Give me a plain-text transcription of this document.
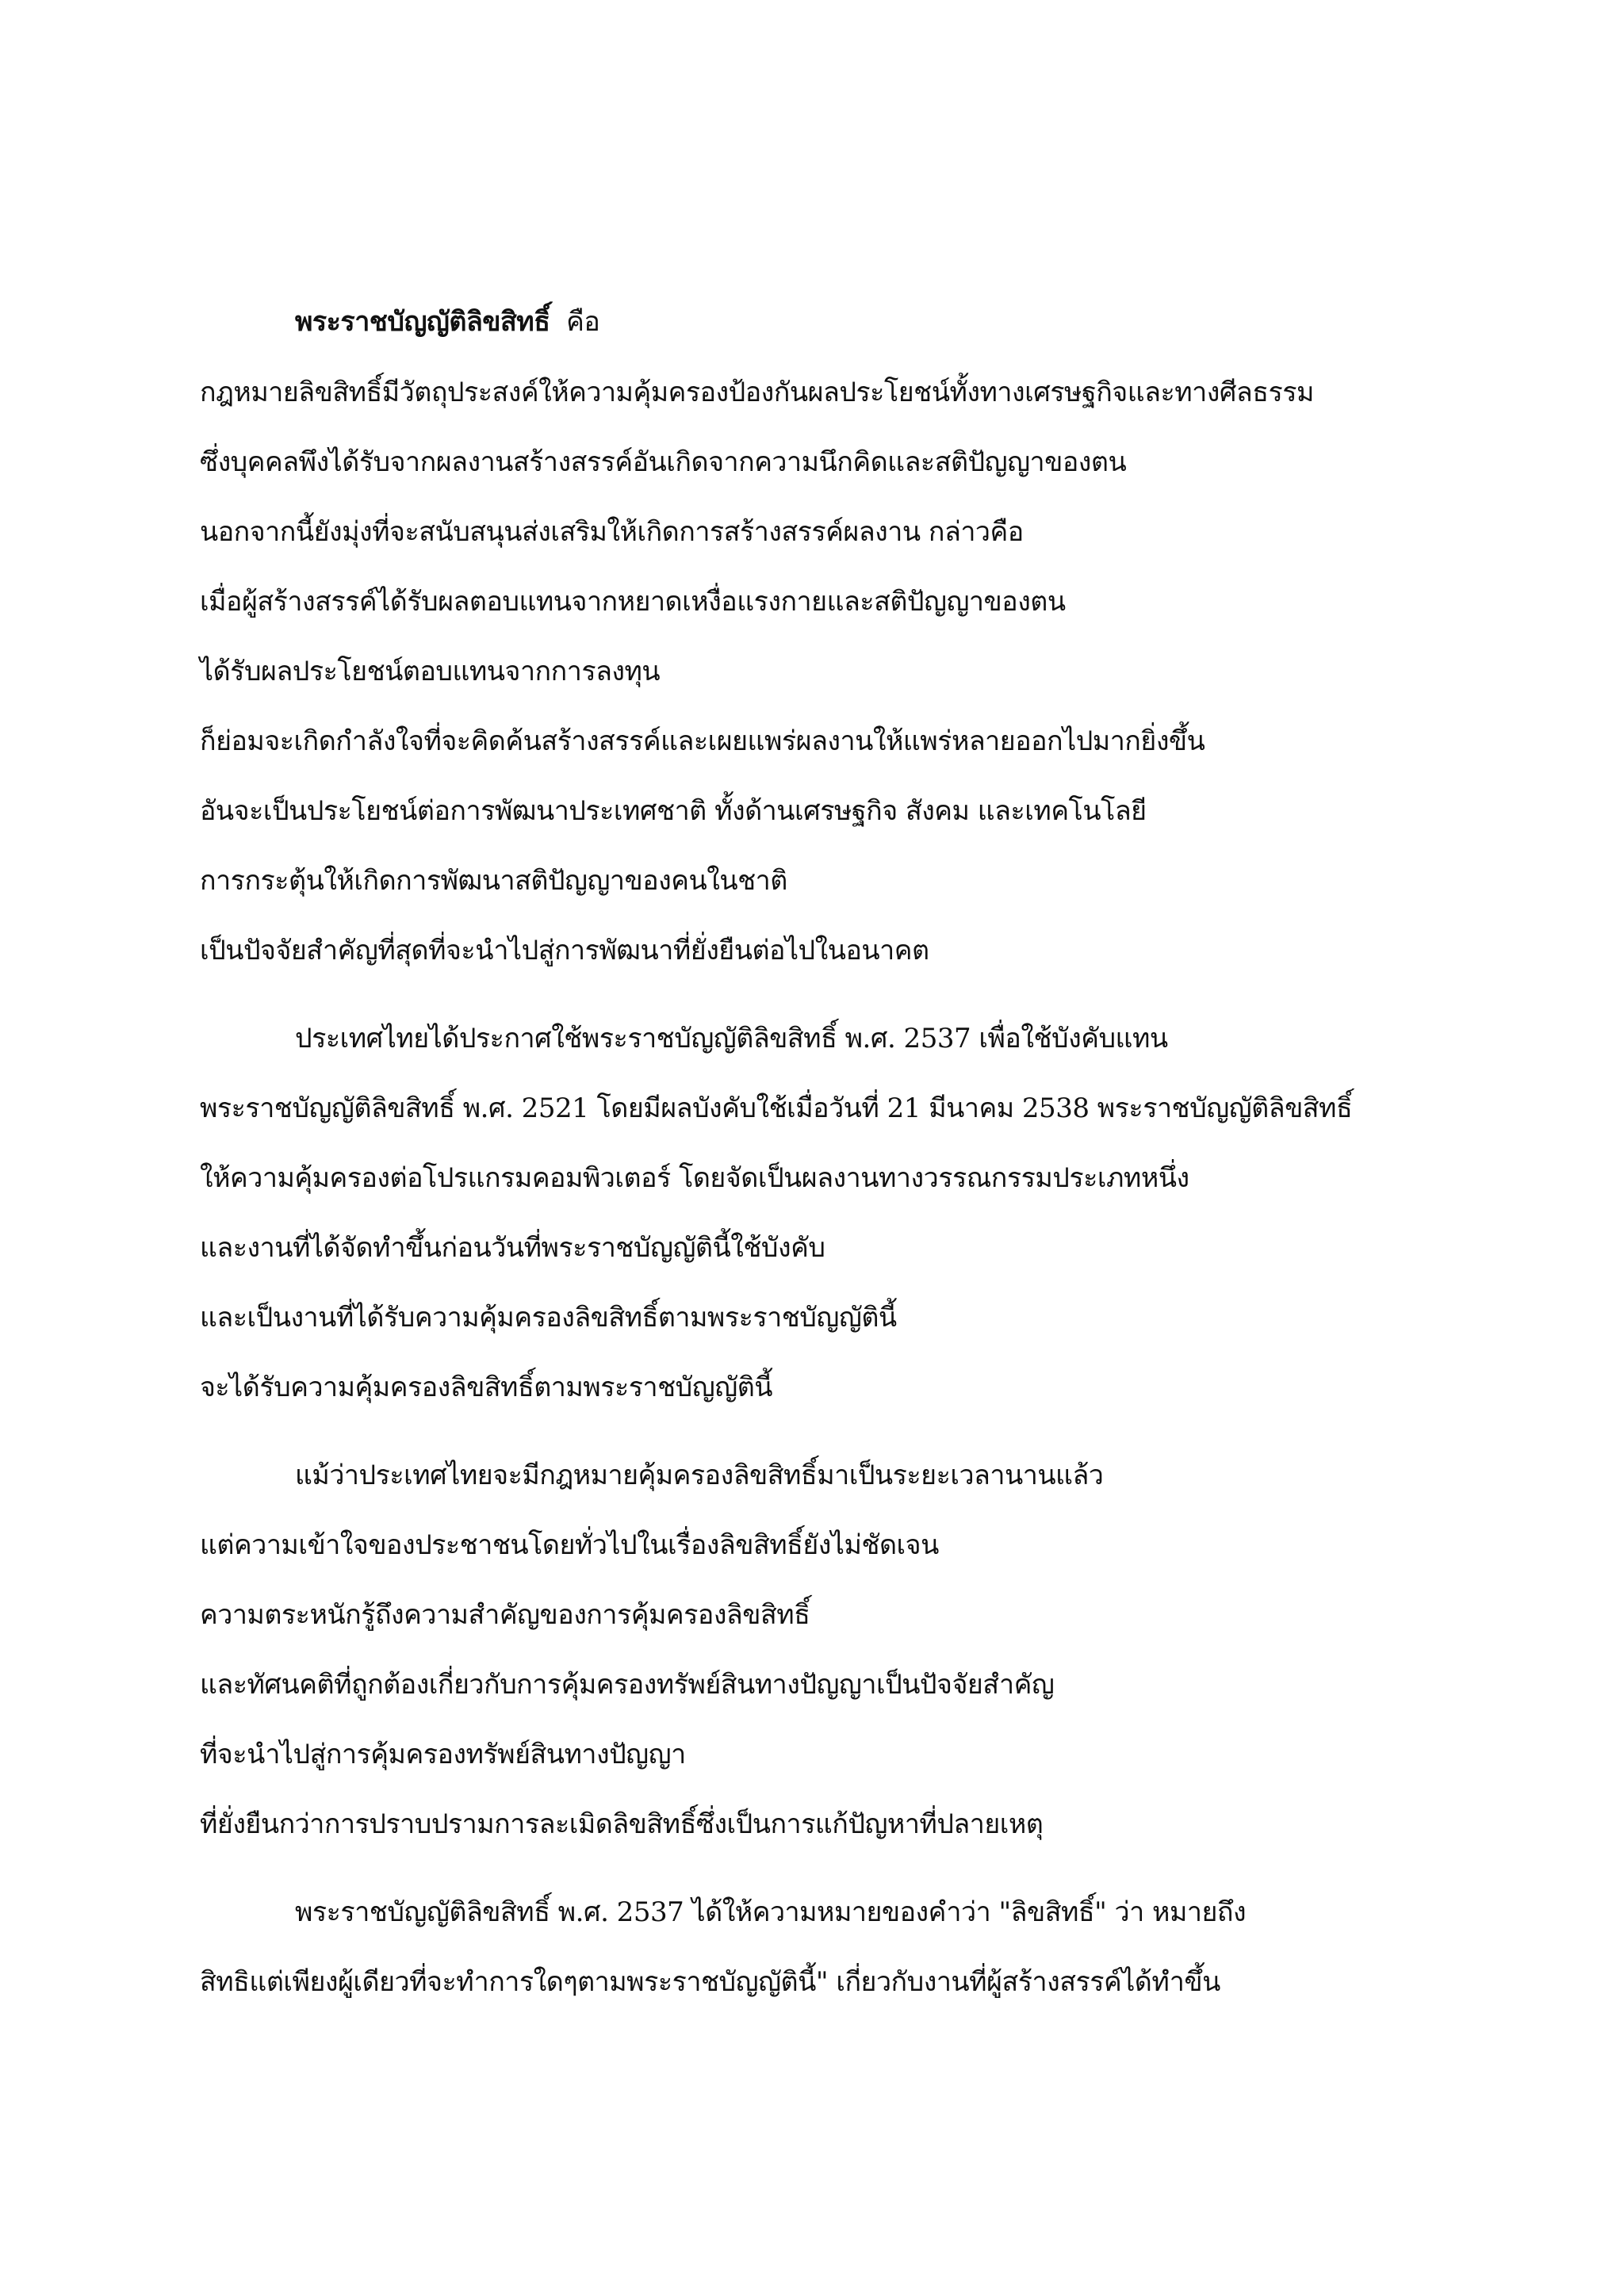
พระราชบัญญัติลิขสิทธิ์ คือ
กฎหมายลิขสิทธิ์มีวัตถุประสงค์ให้ความคุ้มครองป้องกันผลประโยชน์ทั้งทางเศรษฐกิจและทางศีลธรรม
ซึ่งบุคคลพึงได้รับจากผลงานสร้างสรรค์อันเกิดจากความนึกคิดและสติปัญญาของตน
นอกจากนี้ยังมุ่งที่จะสนับสนุนส่งเสริมให้เกิดการสร้างสรรค์ผลงาน กล่าวคือ
เมื่อผู้สร้างสรรค์ได้รับผลตอบแทนจากหยาดเหงื่อแรงกายและสติปัญญาของตน
ได้รับผลประโยชน์ตอบแทนจากการลงทุน
ก็ย่อมจะเกิดกำลังใจที่จะคิดค้นสร้างสรรค์และเผยแพร่ผลงานให้แพร่หลายออกไปมากยิ่งขึ้น
อันจะเป็นประโยชน์ต่อการพัฒนาประเทศชาติ ทั้งด้านเศรษฐกิจ สังคม และเทคโนโลยี
การกระตุ้นให้เกิดการพัฒนาสติปัญญาของคนในชาติ
เป็นปัจจัยสำคัญที่สุดที่จะนำไปสู่การพัฒนาที่ยั่งยืนต่อไปในอนาคต
ประเทศไทยได้ประกาศใช้พระราชบัญญัติลิขสิทธิ์ พ.ศ. 2537 เพื่อใช้บังคับแทน
พระราชบัญญัติลิขสิทธิ์ พ.ศ. 2521 โดยมีผลบังคับใช้เมื่อวันที่ 21 มีนาคม 2538 พระราชบัญญัติลิขสิทธิ์
ให้ความคุ้มครองต่อโปรแกรมคอมพิวเตอร์ โดยจัดเป็นผลงานทางวรรณกรรมประเภทหนึ่ง
และงานที่ได้จัดทำขึ้นก่อนวันที่พระราชบัญญัตินี้ใช้บังคับ
และเป็นงานที่ได้รับความคุ้มครองลิขสิทธิ์ตามพระราชบัญญัตินี้
จะได้รับความคุ้มครองลิขสิทธิ์ตามพระราชบัญญัตินี้
แม้ว่าประเทศไทยจะมีกฎหมายคุ้มครองลิขสิทธิ์มาเป็นระยะเวลานานแล้ว
แต่ความเข้าใจของประชาชนโดยทั่วไปในเรื่องลิขสิทธิ์ยังไม่ชัดเจน
ความตระหนักรู้ถึงความสำคัญของการคุ้มครองลิขสิทธิ์
และทัศนคติที่ถูกต้องเกี่ยวกับการคุ้มครองทรัพย์สินทางปัญญาเป็นปัจจัยสำคัญ
ที่จะนำไปสู่การคุ้มครองทรัพย์สินทางปัญญา
ที่ยั่งยืนกว่าการปราบปรามการละเมิดลิขสิทธิ์ซึ่งเป็นการแก้ปัญหาที่ปลายเหตุ
พระราชบัญญัติลิขสิทธิ์ พ.ศ. 2537 ได้ให้ความหมายของคำว่า "ลิขสิทธิ์" ว่า หมายถึง
สิทธิแต่เพียงผู้เดียวที่จะทำการใดๆตามพระราชบัญญัตินี้" เกี่ยวกับงานที่ผู้สร้างสรรค์ได้ทำขึ้น
